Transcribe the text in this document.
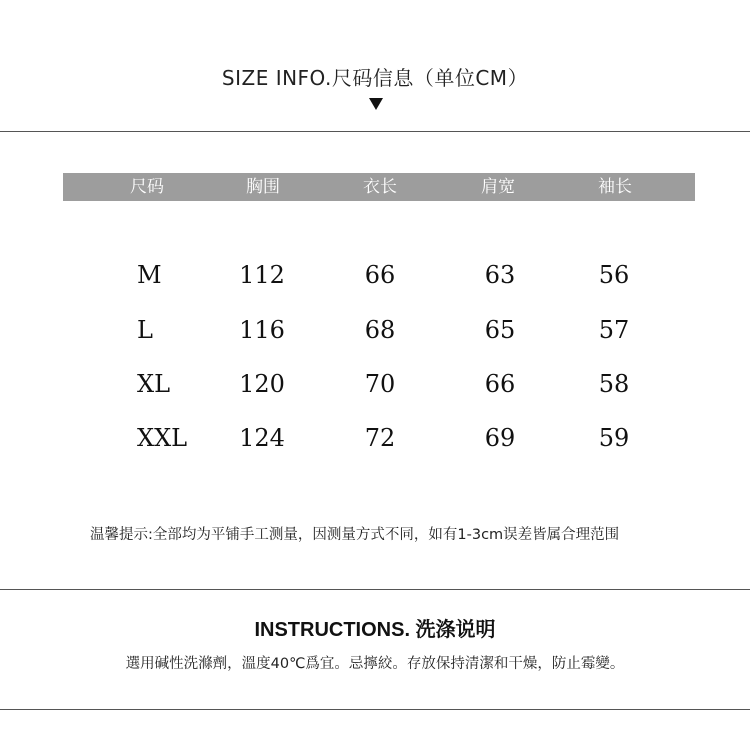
SIZE INFO.尺码信息（单位CM）
尺码	胸围	衣长	肩宽	袖长
M	112	66	63	56
L	116	68	65	57
XL	120	70	66	58
XXL	124	72	69	59
温馨提示:全部均为平铺手工测量，因测量方式不同，如有1-3cm误差皆属合理范围
INSTRUCTIONS. 洗涤说明
選用碱性洗滌劑，溫度40℃爲宜。忌擰絞。存放保持清潔和干燥，防止霉變。
